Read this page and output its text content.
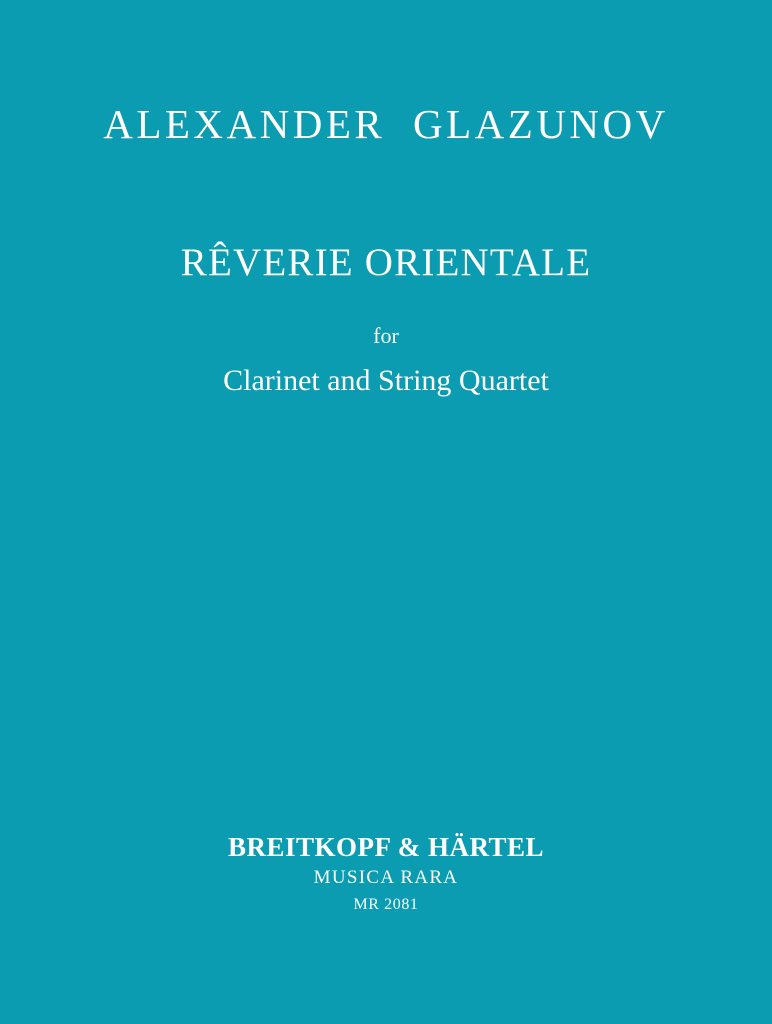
ALEXANDER GLAZUNOV
RÊVERIE ORIENTALE
for
Clarinet and String Quartet
BREITKOPF & HÄRTEL
MUSICA RARA
MR 2081
